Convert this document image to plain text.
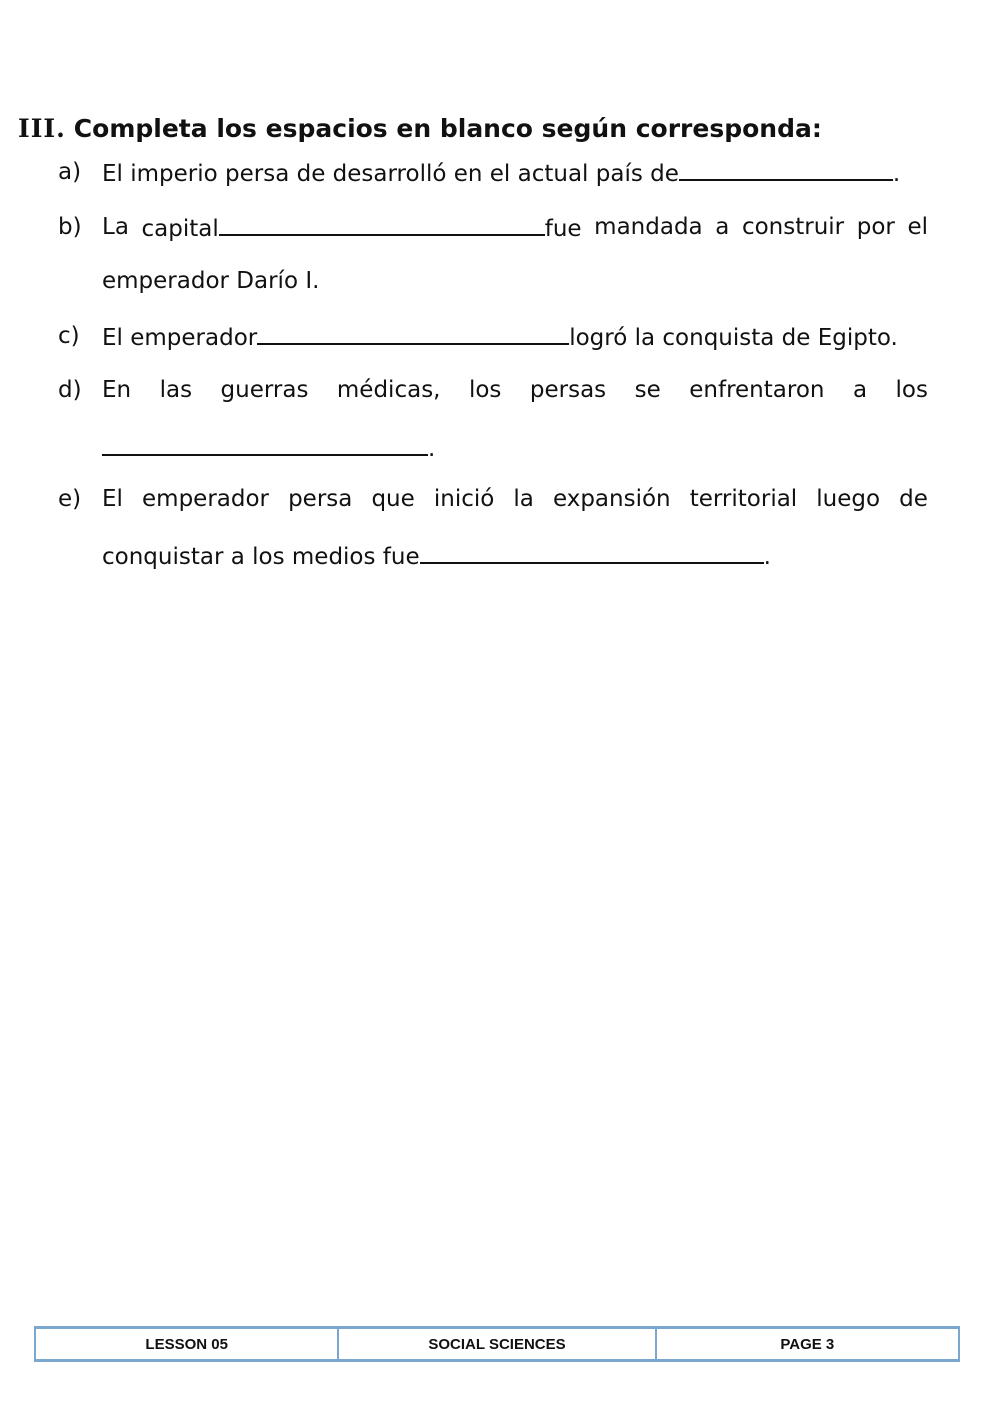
III. Completa los espacios en blanco según corresponda:
a) El imperio persa de desarrolló en el actual país de	.
b) La capital	fue mandada a construir por el
emperador Darío I.
c) El emperador	logró la conquista de Egipto.
d) En las guerras médicas, los persas se enfrentaron a los
.
e) El emperador persa que inició la expansión territorial luego de
conquistar a los medios fue	.
LESSON 05	SOCIAL SCIENCES	PAGE 3
